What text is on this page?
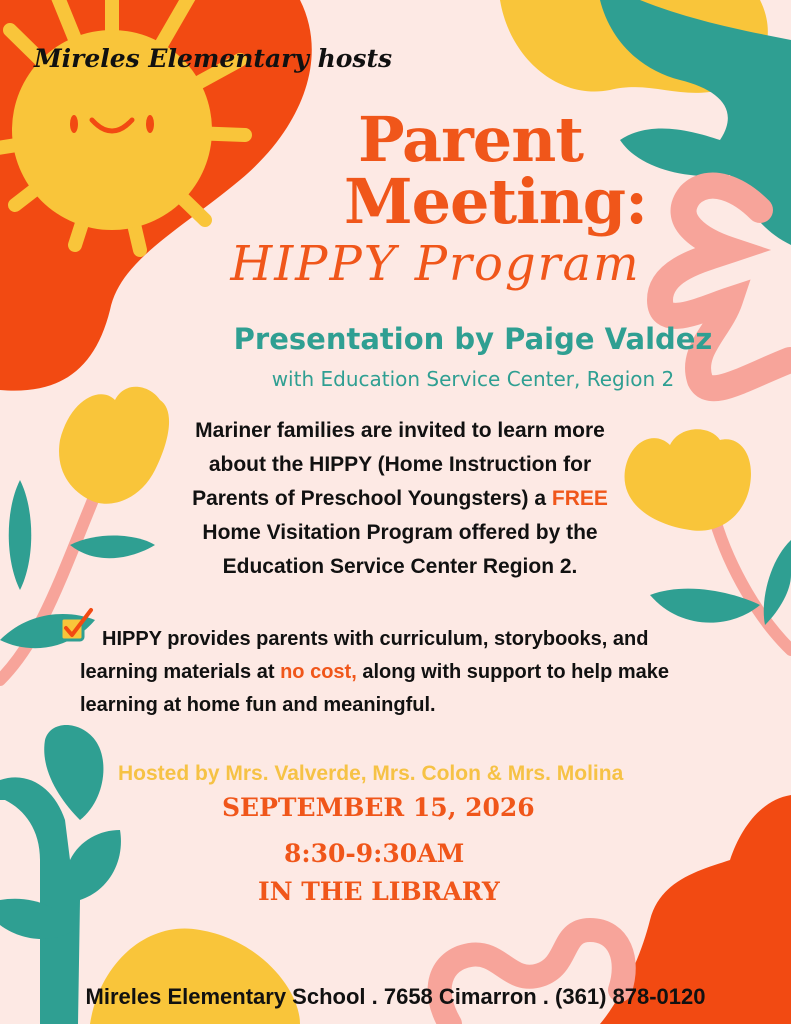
Mireles Elementary hosts
Parent
Meeting:
HIPPY Program
Presentation by Paige Valdez
with Education Service Center, Region 2
Mariner families are invited to learn more about the HIPPY (Home Instruction for Parents of Preschool Youngsters) a FREE Home Visitation Program offered by the Education Service Center Region 2.
HIPPY provides parents with curriculum, storybooks, and learning materials at no cost, along with support to help make learning at home fun and meaningful.
Hosted by Mrs. Valverde, Mrs. Colon & Mrs. Molina
SEPTEMBER 15, 2026
8:30-9:30AM
IN THE LIBRARY
Mireles Elementary School . 7658 Cimarron . (361) 878-0120
